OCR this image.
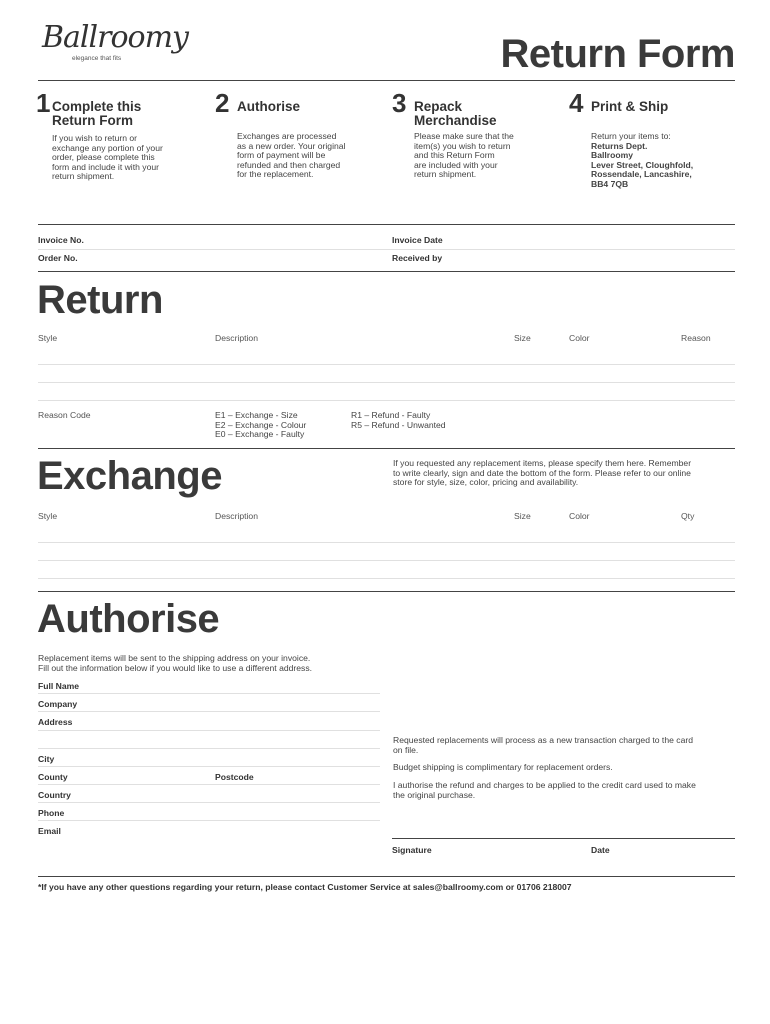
Ballroomy
elegance that fits	Return Form
1 Complete this
Return Form
If you wish to return or
exchange any portion of your
order, please complete this
form and include it with your
return shipment.
2 Authorise
Exchanges are processed
as a new order. Your original
form of payment will be
refunded and then charged
for the replacement.
3 Repack
Merchandise
Please make sure that the
item(s) you wish to return
and this Return Form
are included with your
return shipment.
4 Print & Ship
Return your items to:
Returns Dept.
Ballroomy
Lever Street, Cloughfold,
Rossendale, Lancashire,
BB4 7QB
Invoice No.	Invoice Date
Order No.	Received by
Return
Style	Description	Size	Color	Reason
Reason Code	E1 – Exchange - Size
E2 – Exchange - Colour
E0 – Exchange - Faulty
R1 – Refund - Faulty
R5 – Refund - Unwanted
Exchange	If you requested any replacement items, please specify them here. Remember
to write clearly, sign and date the bottom of the form. Please refer to our online
store for style, size, color, pricing and availability.
Style	Description	Size	Color	Qty
Authorise
Replacement items will be sent to the shipping address on your invoice.
Fill out the information below if you would like to use a different address.
Full Name
Company
Address
City
County	Postcode
Country
Phone
Email
Requested replacements will process as a new transaction charged to the card
on file.
Budget shipping is complimentary for replacement orders.
I authorise the refund and charges to be applied to the credit card used to make
the original purchase.
Signature	Date
*If you have any other questions regarding your return, please contact Customer Service at sales@ballroomy.com or 01706 218007
